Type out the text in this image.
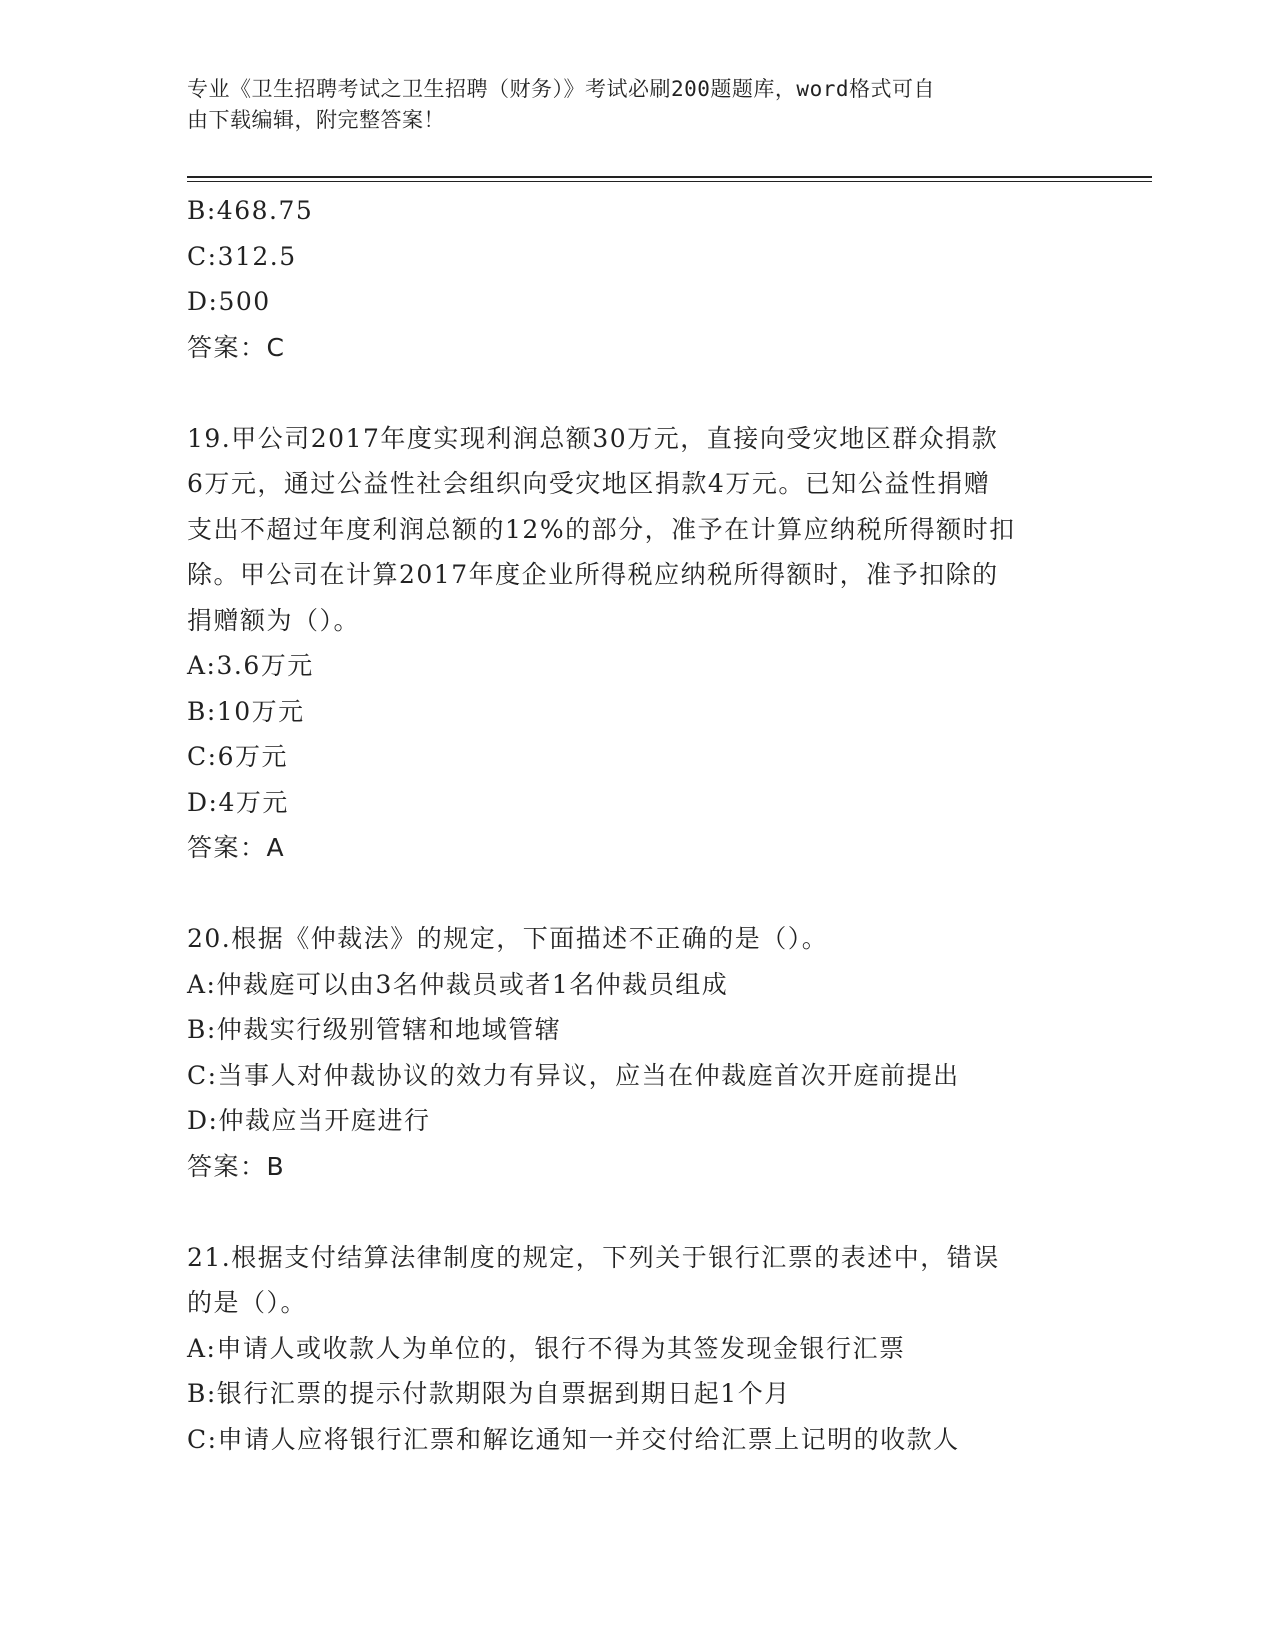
专业《卫生招聘考试之卫生招聘（财务）》考试必刷200题题库，word格式可自
由下载编辑，附完整答案！
B:468.75
C:312.5
D:500
答案：C
19.甲公司2017年度实现利润总额30万元，直接向受灾地区群众捐款
6万元，通过公益性社会组织向受灾地区捐款4万元。已知公益性捐赠
支出不超过年度利润总额的12%的部分，准予在计算应纳税所得额时扣
除。甲公司在计算2017年度企业所得税应纳税所得额时，准予扣除的
捐赠额为（）。
A:3.6万元
B:10万元
C:6万元
D:4万元
答案：A
20.根据《仲裁法》的规定，下面描述不正确的是（）。
A:仲裁庭可以由3名仲裁员或者1名仲裁员组成
B:仲裁实行级别管辖和地域管辖
C:当事人对仲裁协议的效力有异议，应当在仲裁庭首次开庭前提出
D:仲裁应当开庭进行
答案：B
21.根据支付结算法律制度的规定，下列关于银行汇票的表述中，错误
的是（）。
A:申请人或收款人为单位的，银行不得为其签发现金银行汇票
B:银行汇票的提示付款期限为自票据到期日起1个月
C:申请人应将银行汇票和解讫通知一并交付给汇票上记明的收款人
